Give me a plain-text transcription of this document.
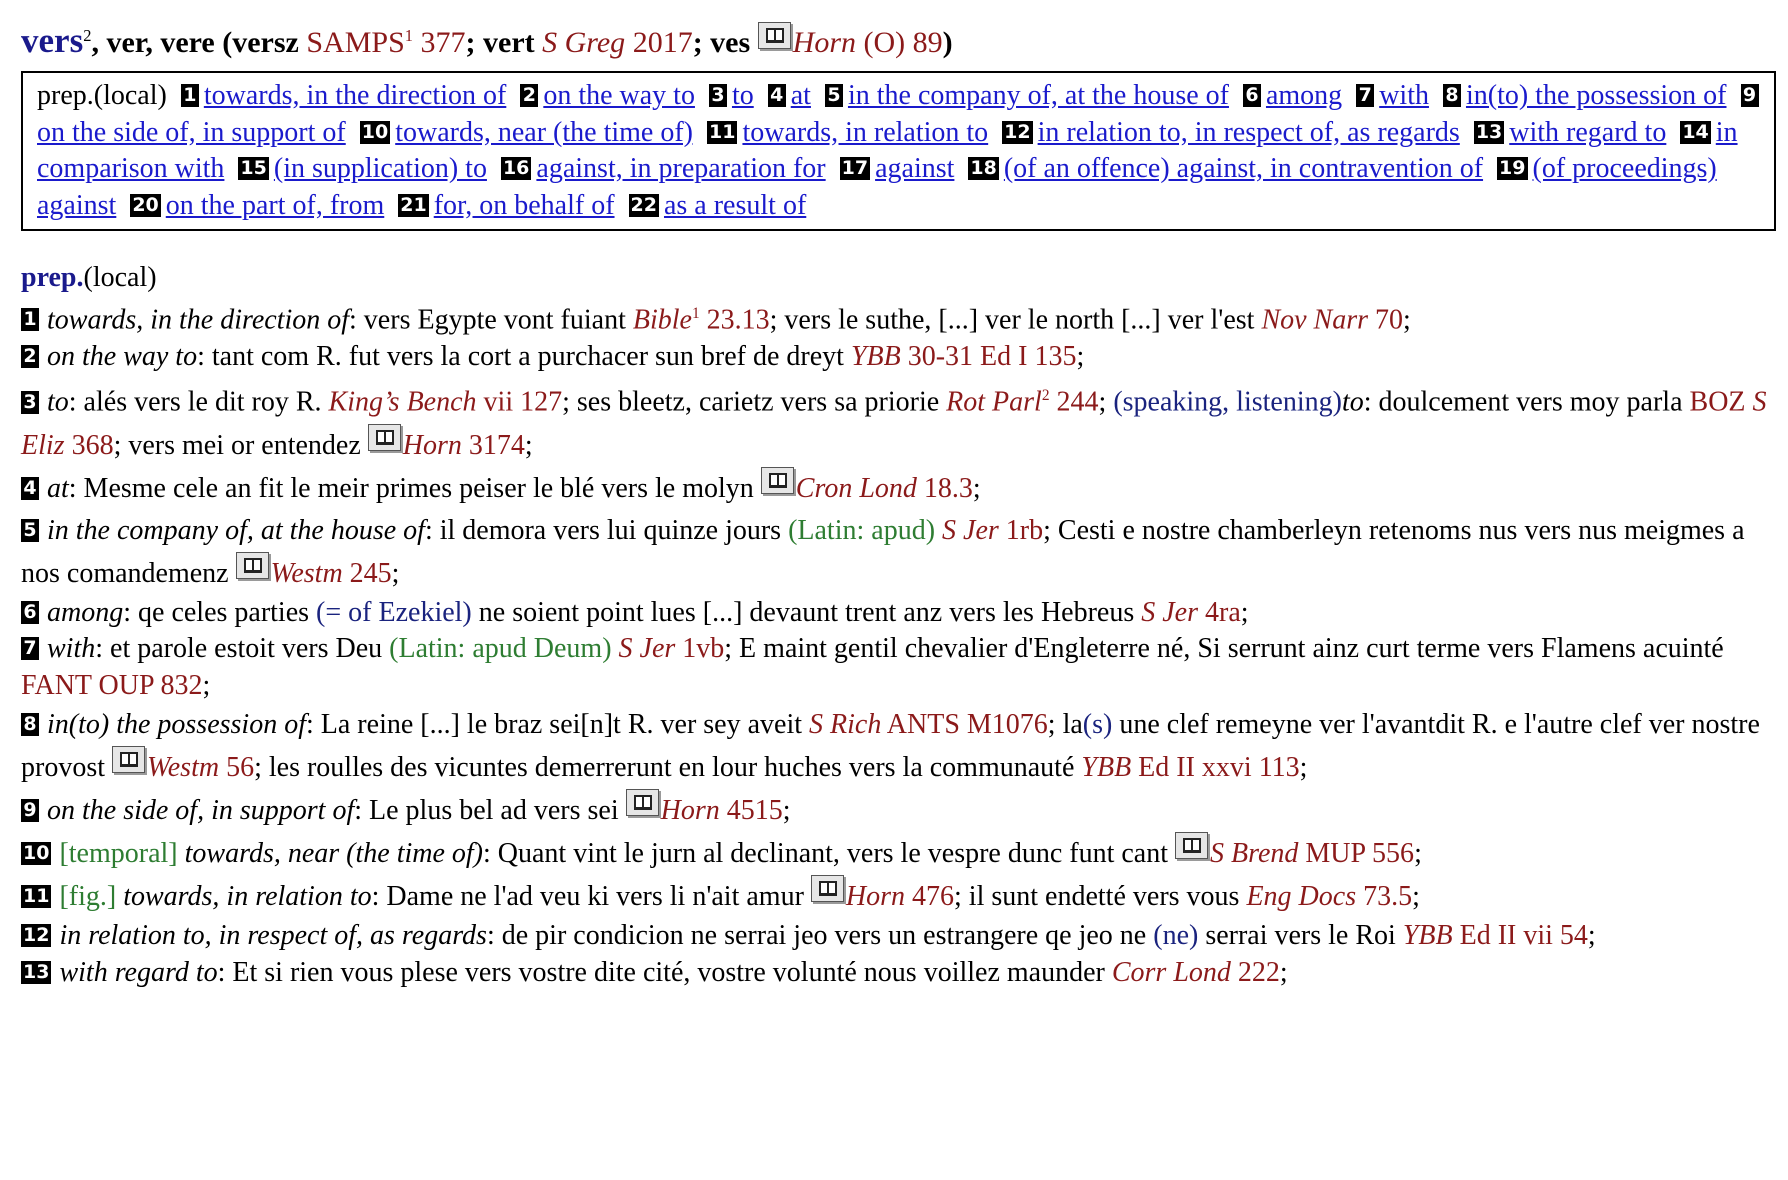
vers$^2$, ver, vere (versz SAMPS$^1$ 377; vert S Greg 2017; ves
Horn (O) 89)
prep.(local) 1 towards, in the direction of 2 on the way to 3 to 4 at 5 in the company of, at the house of 6 among 7 with 8 in(to) the possession of 9on the side of, in support of 10 towards, near (the time of) 11 towards, in relation to 12 in relation to, in respect of, as regards 13 with regard to 14 in comparison with 15 (in supplication) to 16 against, in preparation for 17 against 18 (of an offence) against, in contravention of 19 (of proceedings) against 20 on the part of, from 21 for, on behalf of 22 as a result of
prep.(local)
1 towards, in the direction of: vers Egypte vont fuiant Bible$^1$ 23.13; vers le suthe, [...] ver le north [...] ver l'est Nov Narr 70;
2 on the way to: tant com R. fut vers la cort a purchacer sun bref de dreyt YBB 30-31 Ed I 135;
3 to: alés vers le dit roy R. King’s Bench vii 127; ses bleetz, carietz vers sa priorie Rot Parl$^2$ 244; (speaking, listening)to: doulcement vers moy parla BOZ S Eliz 368; vers mei or entendez
Horn 3174;
4 at: Mesme cele an fit le meir primes peiser le blé vers le molyn
Cron Lond 18.3;
5 in the company of, at the house of: il demora vers lui quinze jours (Latin: apud) S Jer 1rb; Cesti e nostre chamberleyn retenoms nus vers nus meigmes a nos comandemenz
Westm 245;
6 among: qe celes parties (= of Ezekiel) ne soient point lues [...] devaunt trent anz vers les Hebreus S Jer 4ra;
7 with: et parole estoit vers Deu (Latin: apud Deum) S Jer 1vb; E maint gentil chevalier d'Engleterre né, Si serrunt ainz curt terme vers Flamens acuinté FANT OUP 832;
8 in(to) the possession of: La reine [...] le braz sei[n]t R. ver sey aveit S Rich ANTS M1076; la(s) une clef remeyne ver l'avantdit R. e l'autre clef ver nostre provost
Westm 56; les roulles des vicuntes demerrerunt en lour huches vers la communauté YBB Ed II xxvi 113;
9 on the side of, in support of: Le plus bel ad vers sei
Horn 4515;
10 [temporal] towards, near (the time of): Quant vint le jurn al declinant, vers le vespre dunc funt cant
S Brend MUP 556;
11 [fig.] towards, in relation to: Dame ne l'ad veu ki vers li n'ait amur
Horn 476; il sunt endetté vers vous Eng Docs 73.5;
12 in relation to, in respect of, as regards: de pir condicion ne serrai jeo vers un estrangere qe jeo ne (ne) serrai vers le Roi YBB Ed II vii 54;
13 with regard to: Et si rien vous plese vers vostre dite cité, vostre volunté nous voillez maunder Corr Lond 222;
